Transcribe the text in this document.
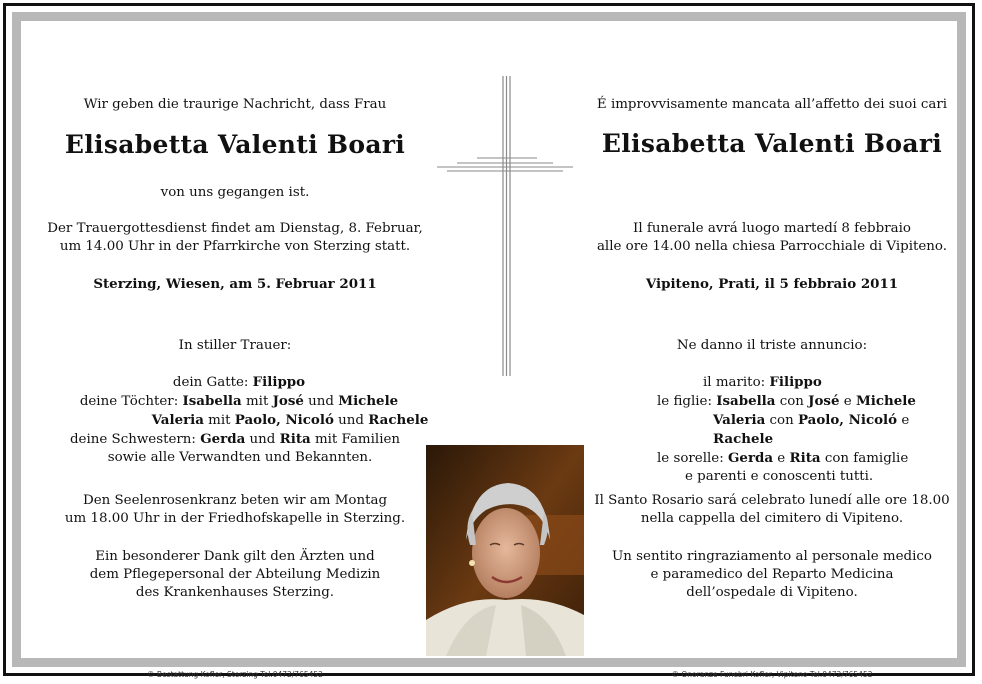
Wir geben die traurige Nachricht, dass Frau

Elisabetta Valenti Boari

von uns gegangen ist.

Der Trauergottesdienst findet am Dienstag, 8. Februar,

um 14.00 Uhr in der Pfarrkirche von Sterzing statt.

Sterzing, Wiesen, am 5. Februar 2011

In stiller Trauer:

dein Gatte: Filippo

deine Töchter: Isabella mit José und Michele

Valeria mit Paolo, Nicoló und Rachele

deine Schwestern: Gerda und Rita mit Familien

sowie alle Verwandten und Bekannten.

Den Seelenrosenkranz beten wir am Montag

um 18.00 Uhr in der Friedhofskapelle in Sterzing.

Ein besonderer Dank gilt den Ärzten und

dem Pflegepersonal der Abteilung Medizin

des Krankenhauses Sterzing.

© Bestattung Kofler, Sterzing Tel.0472/765452

É improvvisamente mancata all’affetto dei suoi cari

Elisabetta Valenti Boari

Il funerale avrá luogo martedí 8 febbraio

alle ore 14.00 nella chiesa Parrocchiale di Vipiteno.

Vipiteno, Prati, il 5 febbraio 2011

Ne danno il triste annuncio:

il marito: Filippo

le figlie: Isabella con José e Michele

Valeria con Paolo, Nicoló e Rachele

le sorelle: Gerda e Rita con famiglie

e parenti e conoscenti tutti.

Il Santo Rosario sará celebrato lunedí alle ore 18.00

nella cappella del cimitero di Vipiteno.

Un sentito ringraziamento al personale medico

e paramedico del Reparto Medicina

dell’ospedale di Vipiteno.

© Onoranze Funebri Kofler, Vipiteno Tel.0472/765452
